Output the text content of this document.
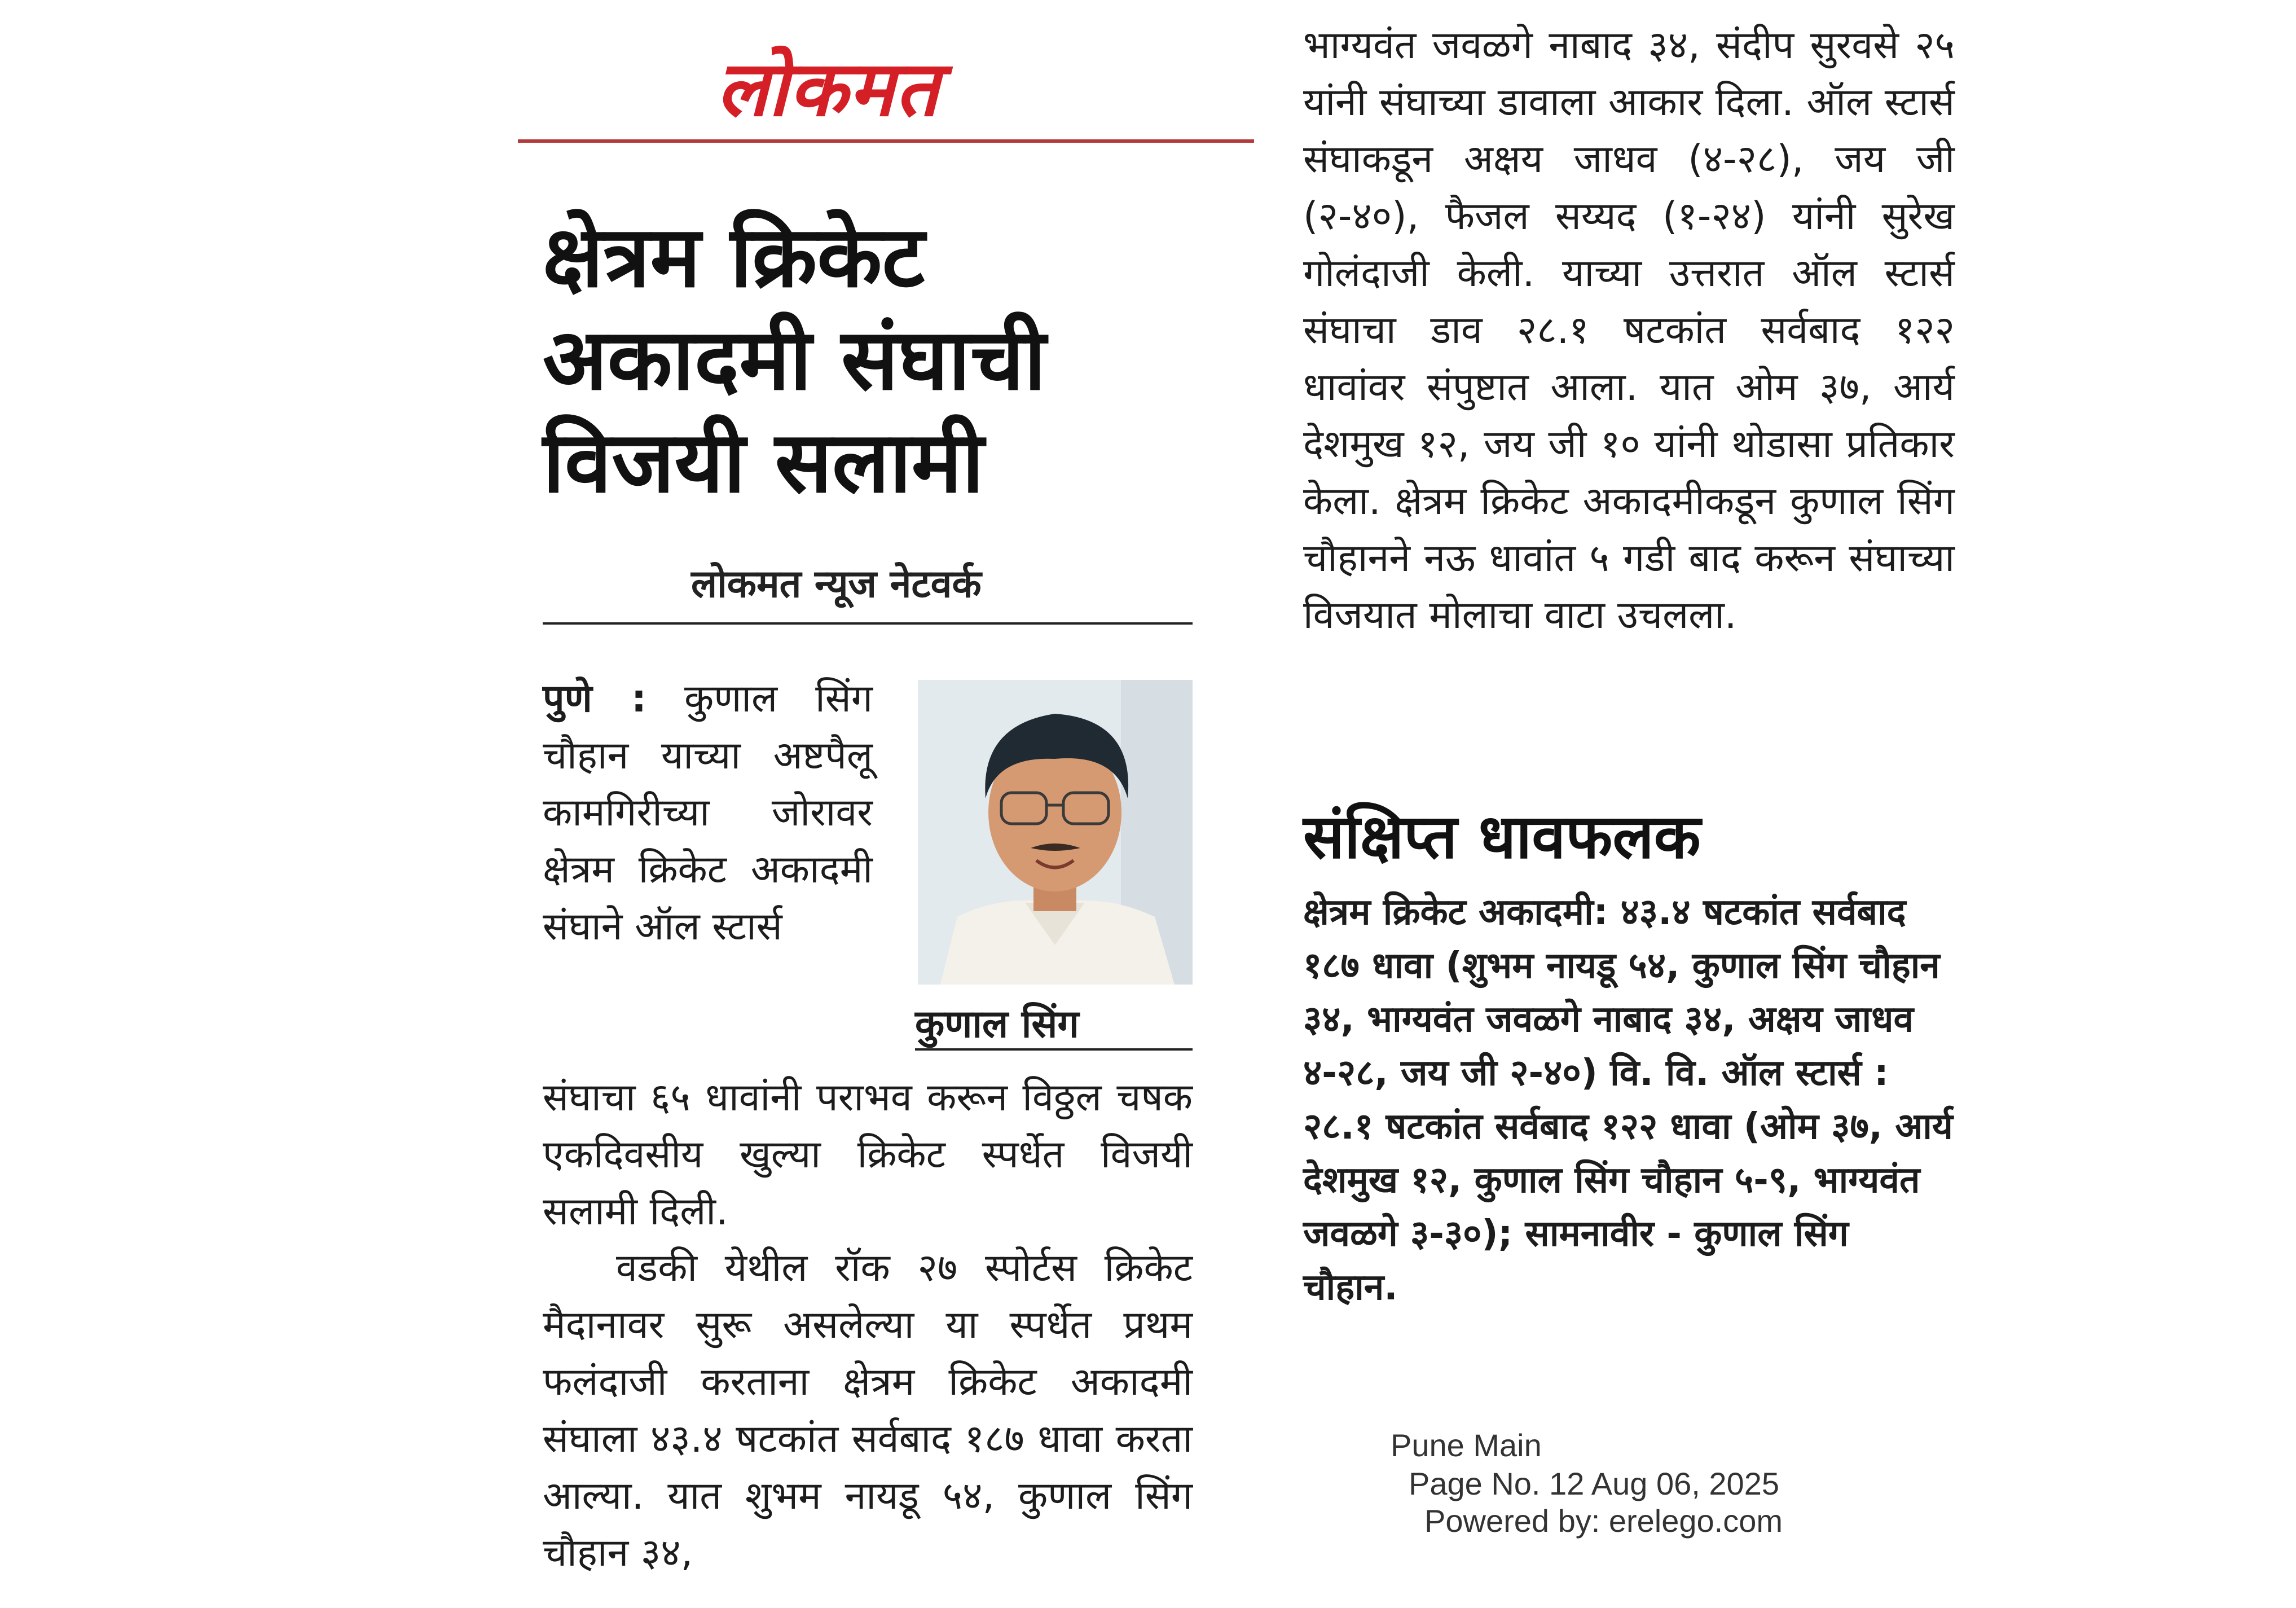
लोकमत
क्षेत्रम क्रिकेट अकादमी संघाची विजयी सलामी
लोकमत न्यूज नेटवर्क
पुणे : कुणाल सिंग चौहान याच्या अष्टपैलू कामगिरीच्या जोरावर क्षेत्रम क्रिकेट अकादमी संघाने ऑल स्टार्स
कुणाल सिंग
संघाचा ६५ धावांनी पराभव करून विठ्ठल चषक एकदिवसीय खुल्या क्रिकेट स्पर्धेत विजयी सलामी दिली.
वडकी येथील रॉक २७ स्पोर्टस क्रिकेट मैदानावर सुरू असलेल्या या स्पर्धेत प्रथम फलंदाजी करताना क्षेत्रम क्रिकेट अकादमी संघाला ४३.४ षटकांत सर्वबाद १८७ धावा करता आल्या. यात शुभम नायडू ५४, कुणाल सिंग चौहान ३४,
भाग्यवंत जवळगे नाबाद ३४, संदीप सुरवसे २५ यांनी संघाच्या डावाला आकार दिला. ऑल स्टार्स संघाकडून अक्षय जाधव (४-२८), जय जी (२-४०), फैजल सय्यद (१-२४) यांनी सुरेख गोलंदाजी केली. याच्या उत्तरात ऑल स्टार्स संघाचा डाव २८.१ षटकांत सर्वबाद १२२ धावांवर संपुष्टात आला. यात ओम ३७, आर्य देशमुख १२, जय जी १० यांनी थोडासा प्रतिकार केला. क्षेत्रम क्रिकेट अकादमीकडून कुणाल सिंग चौहानने नऊ धावांत ५ गडी बाद करून संघाच्या विजयात मोलाचा वाटा उचलला.
संक्षिप्त धावफलक
क्षेत्रम क्रिकेट अकादमी: ४३.४ षटकांत सर्वबाद १८७ धावा (शुभम नायडू ५४, कुणाल सिंग चौहान ३४, भाग्यवंत जवळगे नाबाद ३४, अक्षय जाधव ४-२८, जय जी २-४०) वि. वि. ऑल स्टार्स : २८.१ षटकांत सर्वबाद १२२ धावा (ओम ३७, आर्य देशमुख १२, कुणाल सिंग चौहान ५-९, भाग्यवंत जवळगे ३-३०); सामनावीर - कुणाल सिंग चौहान.
Pune Main
Page No. 12 Aug 06, 2025
Powered by: erelego.com
